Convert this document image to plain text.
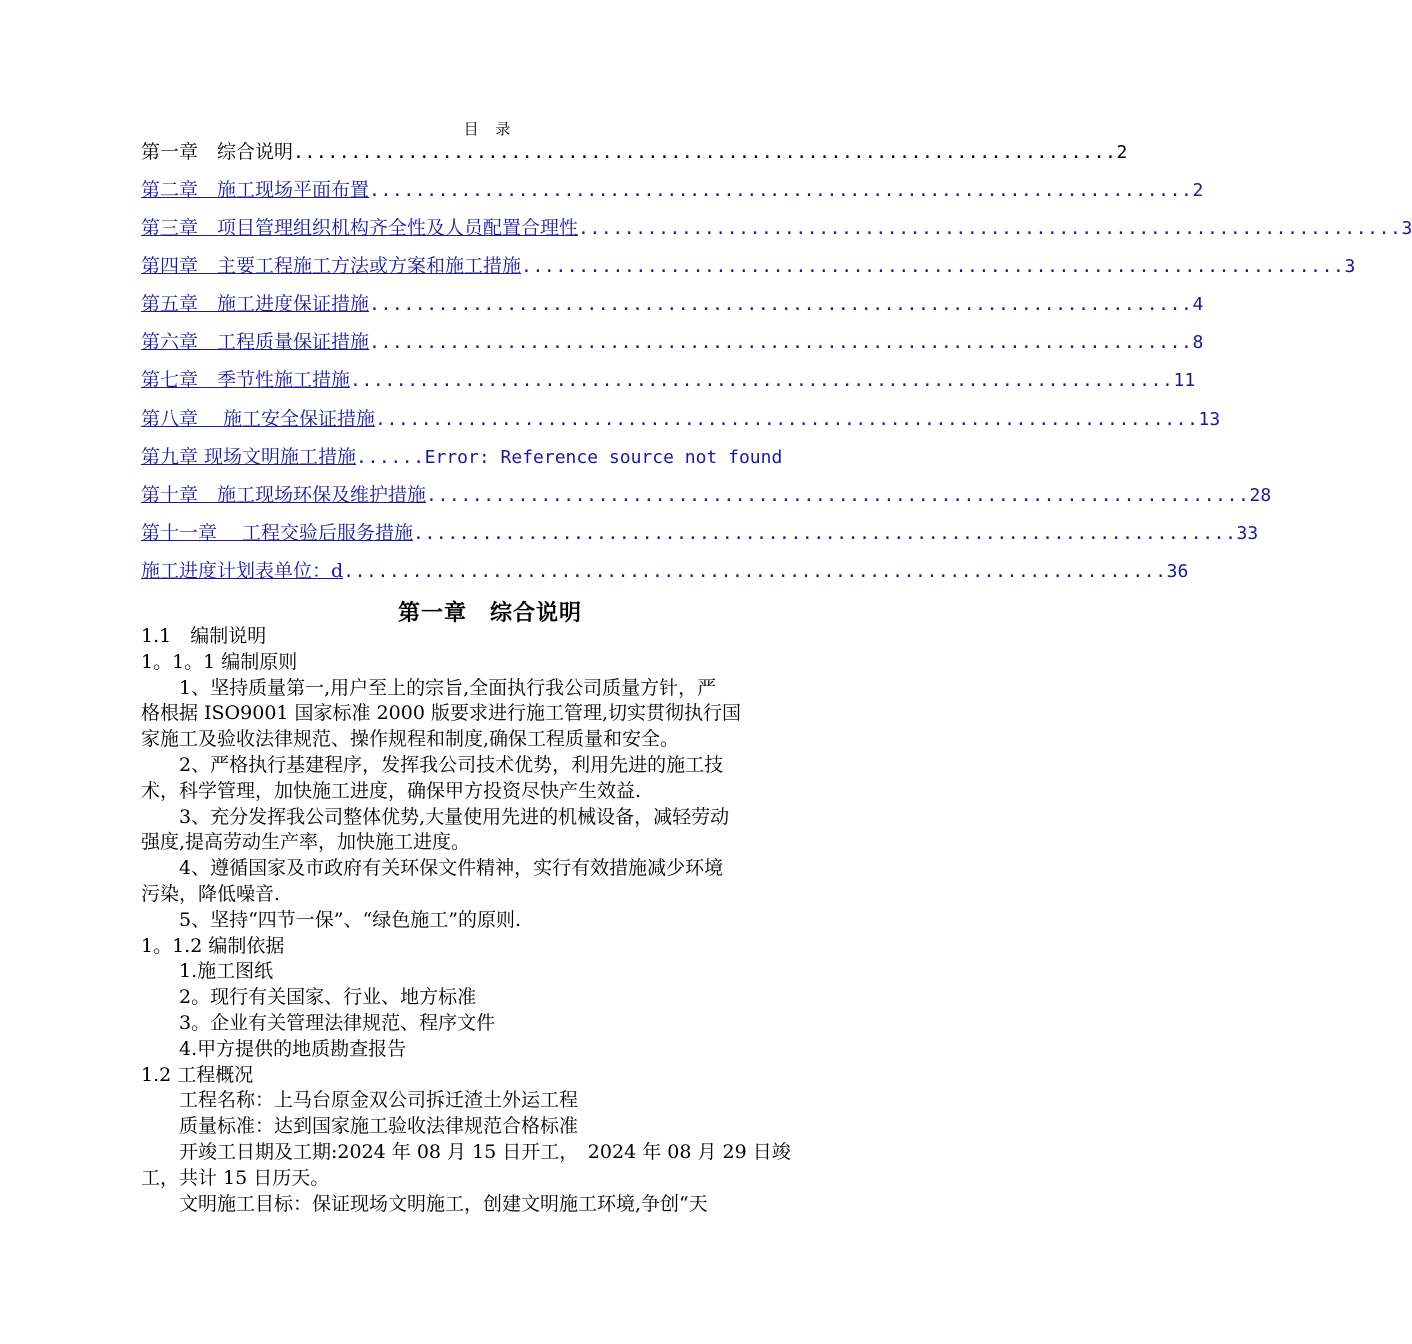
目 录
第一章　综合说明 ........................................................................ 2
第二章　施工现场平面布置 ........................................................................ 2
第三章　项目管理组织机构齐全性及人员配置合理性 ........................................................................ 3
第四章　主要工程施工方法或方案和施工措施 ........................................................................ 3
第五章　施工进度保证措施 ........................................................................ 4
第六章　工程质量保证措施 ........................................................................ 8
第七章　季节性施工措施 ........................................................................ 11
第八章　 施工安全保证措施 ........................................................................ 13
第九章 现场文明施工措施 ...... Error: Reference source not found
第十章　施工现场环保及维护措施 ........................................................................ 28
第十一章　 工程交验后服务措施 ........................................................................ 33
施工进度计划表单位：d ........................................................................ 36
第一章　综合说明
1.1　编制说明
1。1。1 编制原则
1、坚持质量第一,用户至上的宗旨,全面执行我公司质量方针，严
格根据 ISO9001 国家标准 2000 版要求进行施工管理,切实贯彻执行国
家施工及验收法律规范、操作规程和制度,确保工程质量和安全。
2、严格执行基建程序，发挥我公司技术优势，利用先进的施工技
术，科学管理，加快施工进度，确保甲方投资尽快产生效益.
3、充分发挥我公司整体优势,大量使用先进的机械设备，减轻劳动
强度,提高劳动生产率，加快施工进度。
4、遵循国家及市政府有关环保文件精神，实行有效措施减少环境
污染，降低噪音.
5、坚持“四节一保”、“绿色施工”的原则.
1。1.2 编制依据
1.施工图纸
2。现行有关国家、行业、地方标准
3。企业有关管理法律规范、程序文件
4.甲方提供的地质勘查报告
1.2 工程概况
工程名称：上马台原金双公司拆迁渣土外运工程
质量标准：达到国家施工验收法律规范合格标准
开竣工日期及工期:2024 年 08 月 15 日开工，　2024 年 08 月 29 日竣
工，共计 15 日历天。
文明施工目标：保证现场文明施工，创建文明施工环境,争创“天
